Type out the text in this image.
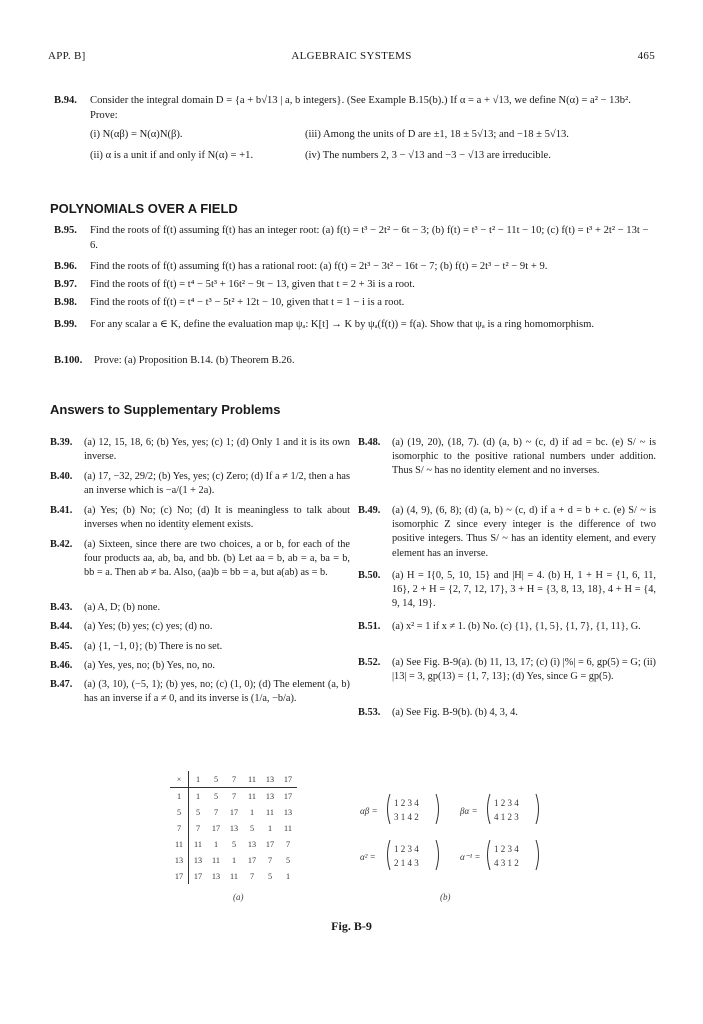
APP. B]	ALGEBRAIC SYSTEMS	465
B.94. Consider the integral domain D = {a + b√13 | a, b integers}. (See Example B.15(b).) If α = a + √13, we define N(α) = a² − 13b². Prove:
(i) N(αβ) = N(α)N(β).
(ii) α is a unit if and only if N(α) = +1.
(iii) Among the units of D are ±1, 18 ± 5√13; and −18 ± 5√13.
(iv) The numbers 2, 3 − √13 and −3 − √13 are irreducible.
POLYNOMIALS OVER A FIELD
B.95. Find the roots of f(t) assuming f(t) has an integer root: (a) f(t) = t³ − 2t² − 6t − 3; (b) f(t) = t³ − t² − 11t − 10; (c) f(t) = t³ + 2t² − 13t − 6.
B.96. Find the roots of f(t) assuming f(t) has a rational root: (a) f(t) = 2t³ − 3t² − 16t − 7; (b) f(t) = 2t³ − t² − 9t + 9.
B.97. Find the roots of f(t) = t⁴ − 5t³ + 16t² − 9t − 13, given that t = 2 + 3i is a root.
B.98. Find the roots of f(t) = t⁴ − t³ − 5t² + 12t − 10, given that t = 1 − i is a root.
B.99. For any scalar a ∈ K, define the evaluation map ψₐ: K[t] → K by ψₐ(f(t)) = f(a). Show that ψₐ is a ring homomorphism.
B.100. Prove: (a) Proposition B.14. (b) Theorem B.26.
Answers to Supplementary Problems
B.39. (a) 12, 15, 18, 6; (b) Yes, yes; (c) 1; (d) Only 1 and it is its own inverse.
B.40. (a) 17, −32, 29/2; (b) Yes, yes; (c) Zero; (d) If a ≠ 1/2, then a has an inverse which is −a/(1 + 2a).
B.41. (a) Yes; (b) No; (c) No; (d) It is meaningless to talk about inverses when no identity element exists.
B.42. (a) Sixteen, since there are two choices, a or b, for each of the four products aa, ab, ba, and bb. (b) Let aa = b, ab = a, ba = b, bb = a. Then ab ≠ ba. Also, (aa)b = bb = a, but a(ab) as = b.
B.43. (a) A, D; (b) none.
B.44. (a) Yes; (b) yes; (c) yes; (d) no.
B.45. (a) {1, −1, 0}; (b) There is no set.
B.46. (a) Yes, yes, no; (b) Yes, no, no.
B.47. (a) (3, 10), (−5, 1); (b) yes, no; (c) (1, 0); (d) The element (a, b) has an inverse if a ≠ 0, and its inverse is (1/a, −b/a).
B.48. (a) (19, 20), (18, 7). (d) (a, b) ~ (c, d) if ad = bc. (e) S/ ~ is isomorphic to the positive rational numbers under addition. Thus S/ ~ has no identity element and no inverses.
B.49. (a) (4, 9), (6, 8); (d) (a, b) ~ (c, d) if a + d = b + c. (e) S/ ~ is isomorphic Z since every integer is the difference of two positive integers. Thus S/ ~ has an identity element, and every element has an inverse.
B.50. (a) H = I{0, 5, 10, 15} and |H| = 4. (b) H, 1 + H = {1, 6, 11, 16}, 2 + H = {2, 7, 12, 17}, 3 + H = {3, 8, 13, 18}, 4 + H = {4, 9, 14, 19}.
B.51. (a) x² = 1 if x ≠ 1. (b) No. (c) {1}, {1, 5}, {1, 7}, {1, 11}, G.
B.52. (a) See Fig. B-9(a). (b) 11, 13, 17; (c) (i) |%| = 6, gp(5) = G; (ii) |13| = 3, gp(13) = {1, 7, 13}; (d) Yes, since G = gp(5).
B.53. (a) See Fig. B-9(b). (b) 4, 3, 4.
×	1	5	7	11	13	17
1	1	5	7	11	13	17
5	5	7	17	1	11	13
7	7	17	13	5	1	11
11	11	1	5	13	17	7
13	13	11	1	17	7	5
17	17	13	11	7	5	1
(a)
αβ =
1 2 3 4
3 1 4 2
βα =
1 2 3 4
4 1 2 3
α² =
1 2 3 4
2 1 4 3
α⁻¹ =
1 2 3 4
4 3 1 2
(b)
Fig. B-9
